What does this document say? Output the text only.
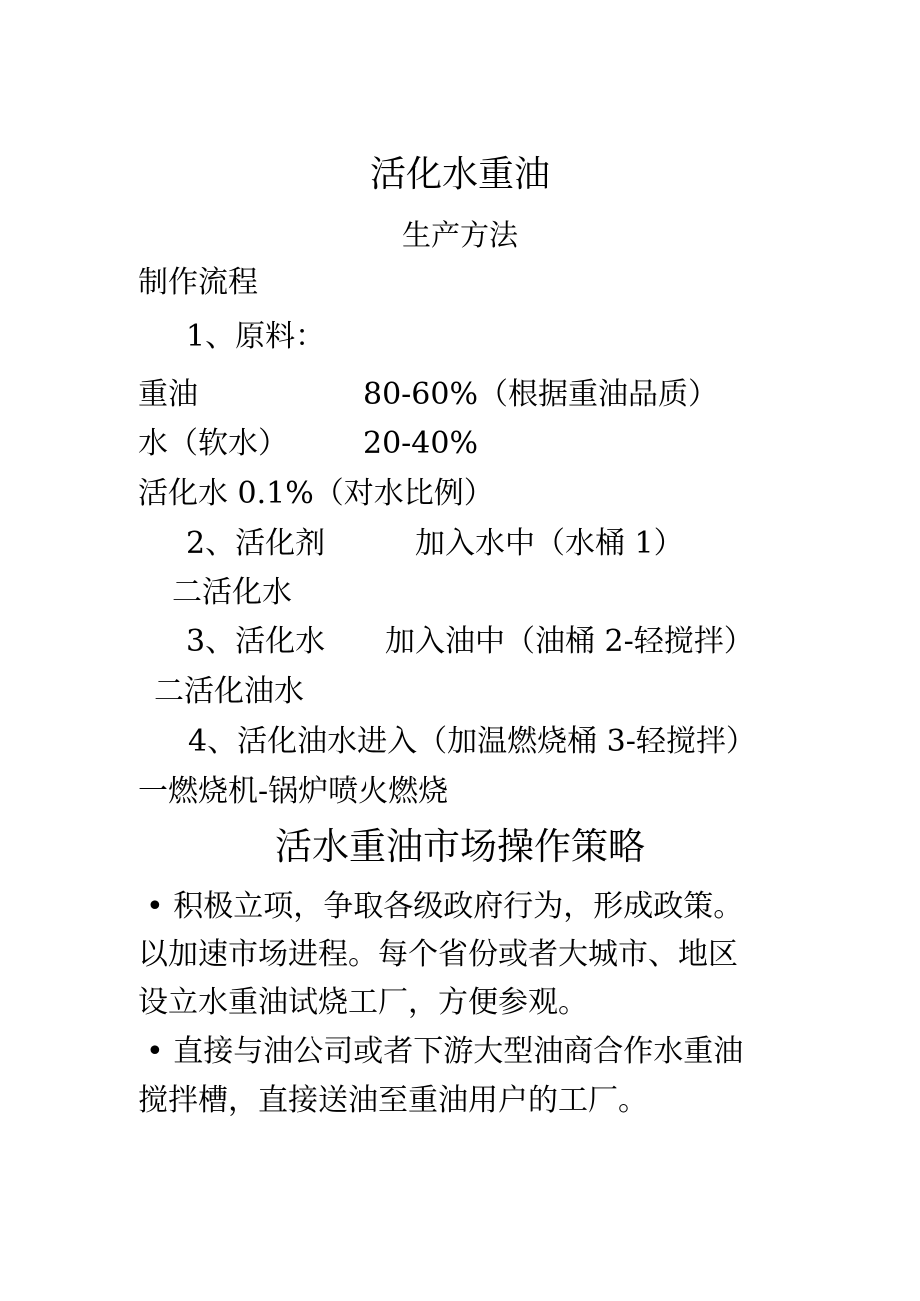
活化水重油
生产方法
制作流程
1、原料：
重油	80-60%（根据重油品质）
水（软水）	20-40%
活化水 0.1%（对水比例）
2、活化剂	加入水中（水桶 1）
二活化水
3、活化水 加入油中（油桶 2-轻搅拌）
二活化油水
4、活化油水进入（加温燃烧桶 3-轻搅拌）
一燃烧机-锅炉喷火燃烧
活水重油市场操作策略
• 积极立项，争取各级政府行为，形成政策。
以加速市场进程。每个省份或者大城市、地区
设立水重油试烧工厂，方便参观。
• 直接与油公司或者下游大型油商合作水重油
搅拌槽，直接送油至重油用户的工厂。
